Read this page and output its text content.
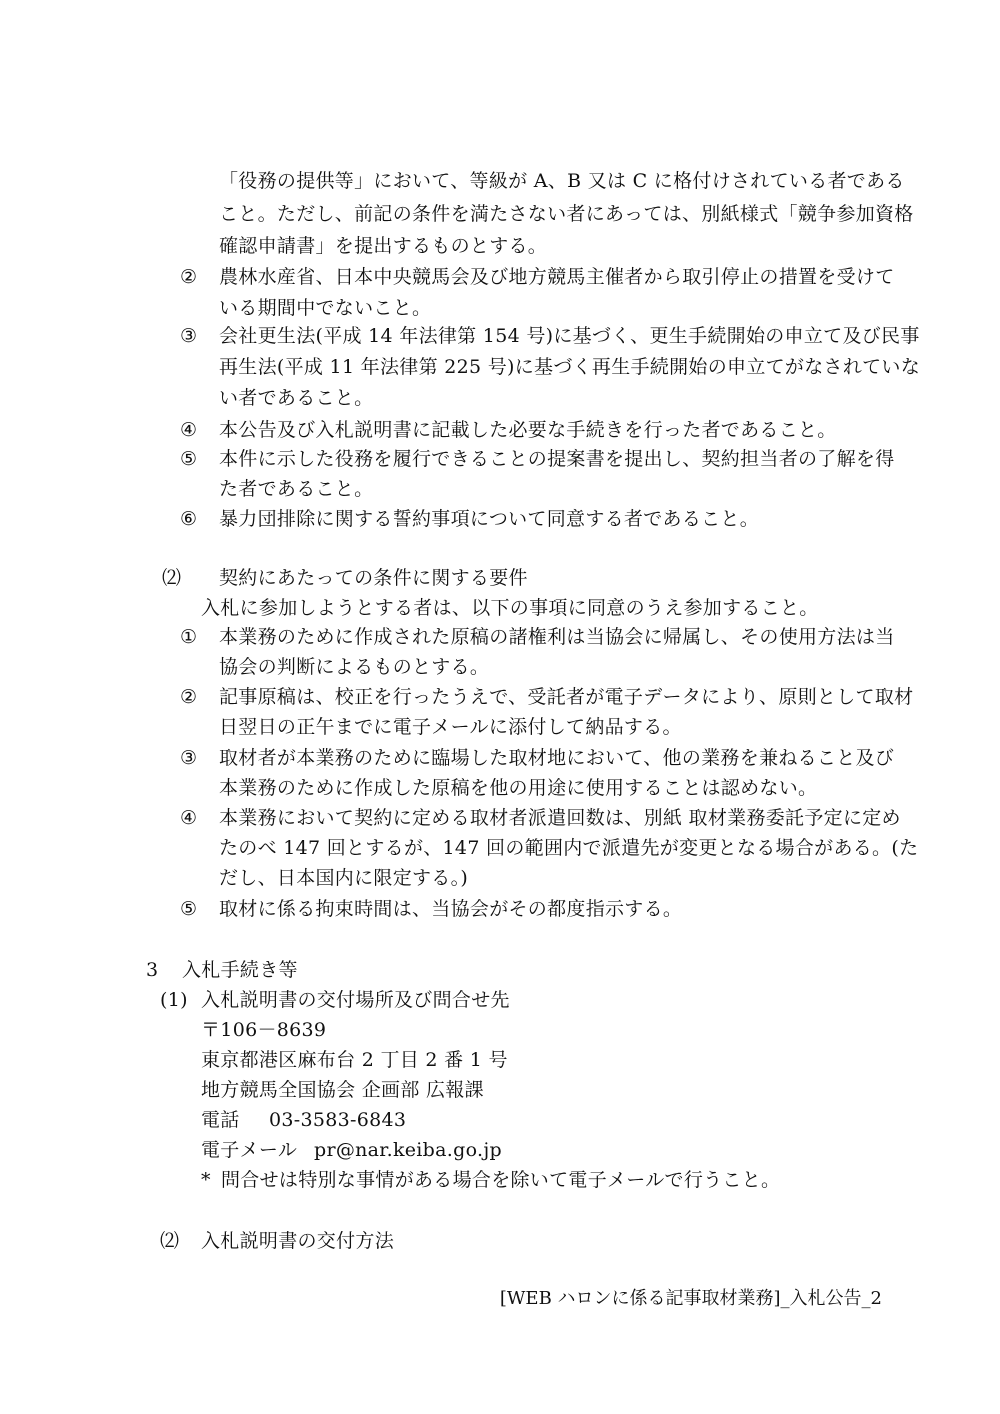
「役務の提供等」において、等級が A、B 又は C に格付けされている者である
こと。ただし、前記の条件を満たさない者にあっては、別紙様式「競争参加資格
確認申請書」を提出するものとする。
② 農林水産省、日本中央競馬会及び地方競馬主催者から取引停止の措置を受けて
いる期間中でないこと。
③ 会社更生法(平成 14 年法律第 154 号)に基づく、更生手続開始の申立て及び民事
再生法(平成 11 年法律第 225 号)に基づく再生手続開始の申立てがなされていな
い者であること。
④ 本公告及び入札説明書に記載した必要な手続きを行った者であること。
⑤ 本件に示した役務を履行できることの提案書を提出し、契約担当者の了解を得
た者であること。
⑥ 暴力団排除に関する誓約事項について同意する者であること。
⑵ 契約にあたっての条件に関する要件
入札に参加しようとする者は、以下の事項に同意のうえ参加すること。
① 本業務のために作成された原稿の諸権利は当協会に帰属し、その使用方法は当
協会の判断によるものとする。
② 記事原稿は、校正を行ったうえで、受託者が電子データにより、原則として取材
日翌日の正午までに電子メールに添付して納品する。
③ 取材者が本業務のために臨場した取材地において、他の業務を兼ねること及び
本業務のために作成した原稿を他の用途に使用することは認めない。
④ 本業務において契約に定める取材者派遣回数は、別紙 取材業務委託予定に定め
たのべ 147 回とするが、147 回の範囲内で派遣先が変更となる場合がある。(た
だし、日本国内に限定する。)
⑤ 取材に係る拘束時間は、当協会がその都度指示する。
3 入札手続き等
(1) 入札説明書の交付場所及び問合せ先
〒106－8639
東京都港区麻布台 2 丁目 2 番 1 号
地方競馬全国協会 企画部 広報課
電話 03-3583-6843
電子メール pr@nar.keiba.go.jp
* 問合せは特別な事情がある場合を除いて電子メールで行うこと。
⑵ 入札説明書の交付方法
[WEB ハロンに係る記事取材業務]_入札公告_2
